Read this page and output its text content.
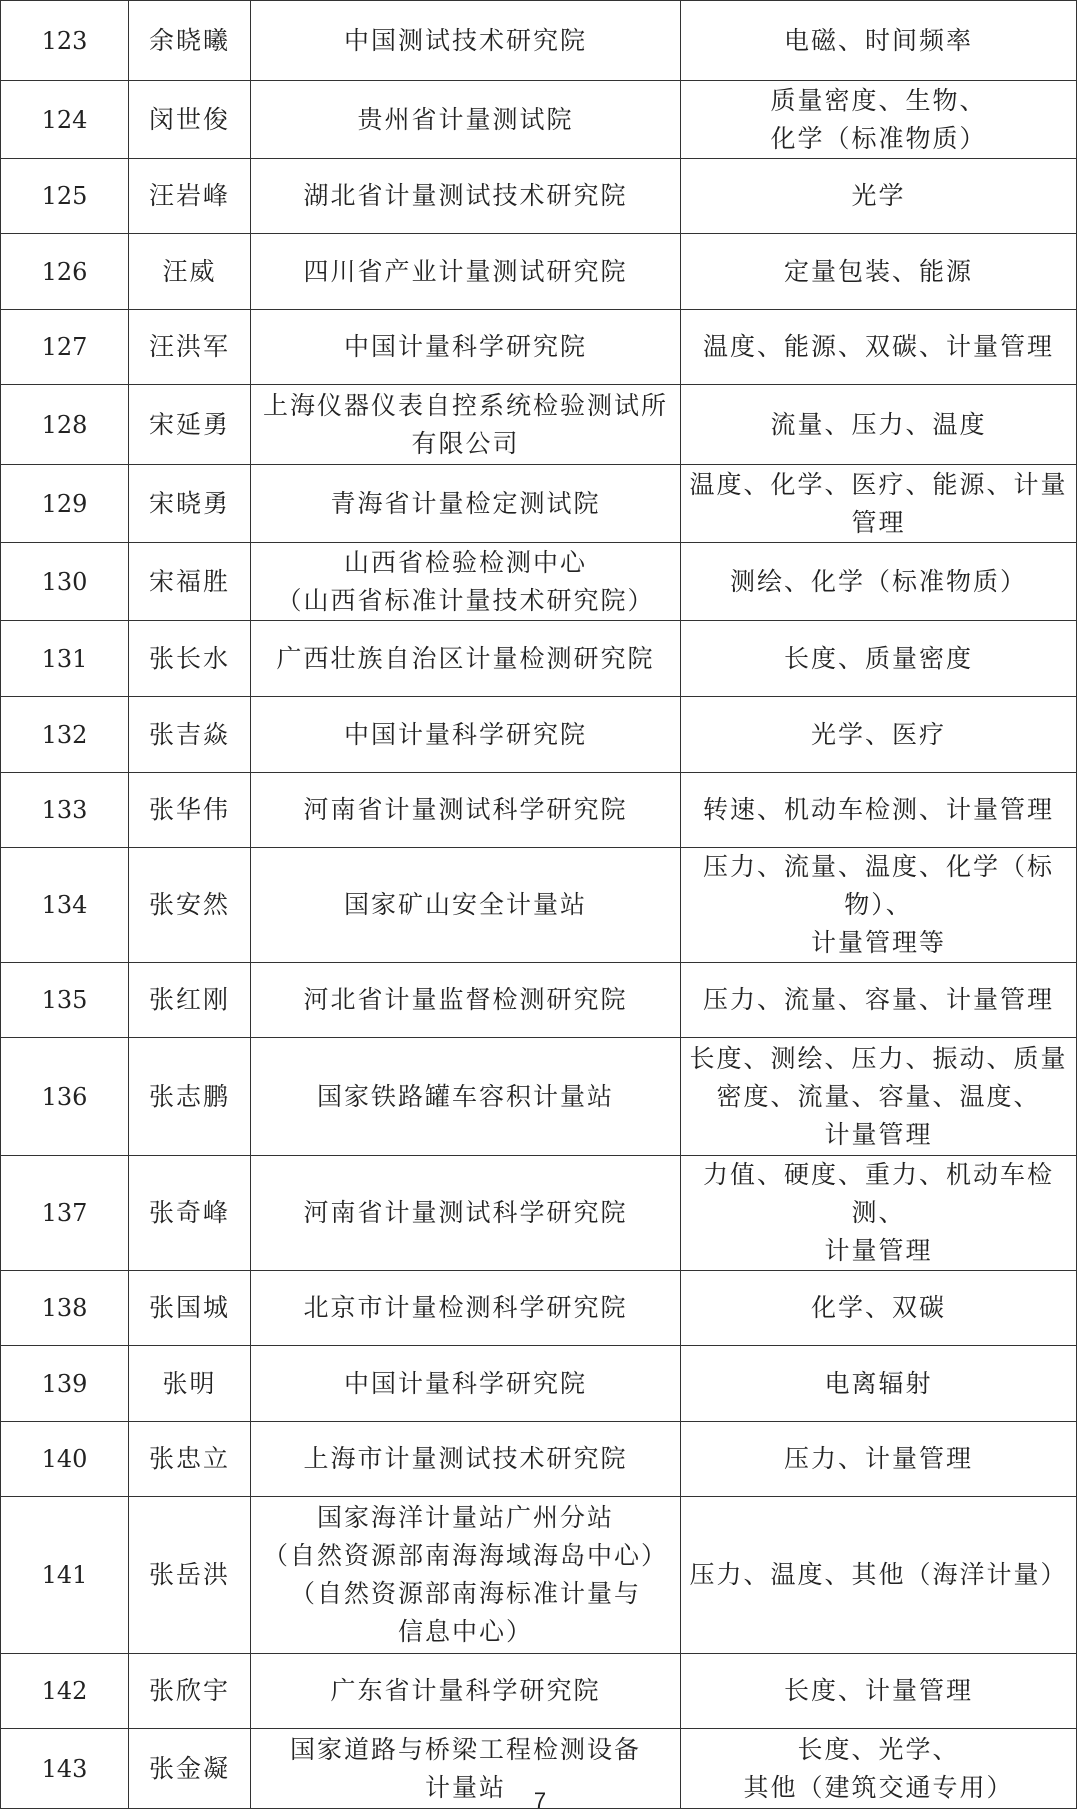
123	余晓曦	中国测试技术研究院	电磁、时间频率

124	闵世俊	贵州省计量测试院	质量密度、生物、
化学（标准物质）

125	汪岩峰	湖北省计量测试技术研究院	光学

126	汪威	四川省产业计量测试研究院	定量包装、能源

127	汪洪军	中国计量科学研究院	温度、能源、双碳、计量管理

128	宋延勇	上海仪器仪表自控系统检验测试所
有限公司	流量、压力、温度

129	宋晓勇	青海省计量检定测试院	温度、化学、医疗、能源、计量
管理

130	宋福胜	山西省检验检测中心
（山西省标准计量技术研究院）	测绘、化学（标准物质）

131	张长水	广西壮族自治区计量检测研究院	长度、质量密度

132	张吉焱	中国计量科学研究院	光学、医疗

133	张华伟	河南省计量测试科学研究院	转速、机动车检测、计量管理

134	张安然	国家矿山安全计量站	压力、流量、温度、化学（标物）、
计量管理等

135	张红刚	河北省计量监督检测研究院	压力、流量、容量、计量管理

136	张志鹏	国家铁路罐车容积计量站	长度、测绘、压力、振动、质量
密度、流量、容量、温度、
计量管理

137	张奇峰	河南省计量测试科学研究院	力值、硬度、重力、机动车检测、
计量管理

138	张国城	北京市计量检测科学研究院	化学、双碳

139	张明	中国计量科学研究院	电离辐射

140	张忠立	上海市计量测试技术研究院	压力、计量管理

141	张岳洪	国家海洋计量站广州分站
（自然资源部南海海域海岛中心）
（自然资源部南海标准计量与
信息中心）	压力、温度、其他（海洋计量）

142	张欣宇	广东省计量科学研究院	长度、计量管理

143	张金凝	国家道路与桥梁工程检测设备
计量站	长度、光学、
其他（建筑交通专用）
7
